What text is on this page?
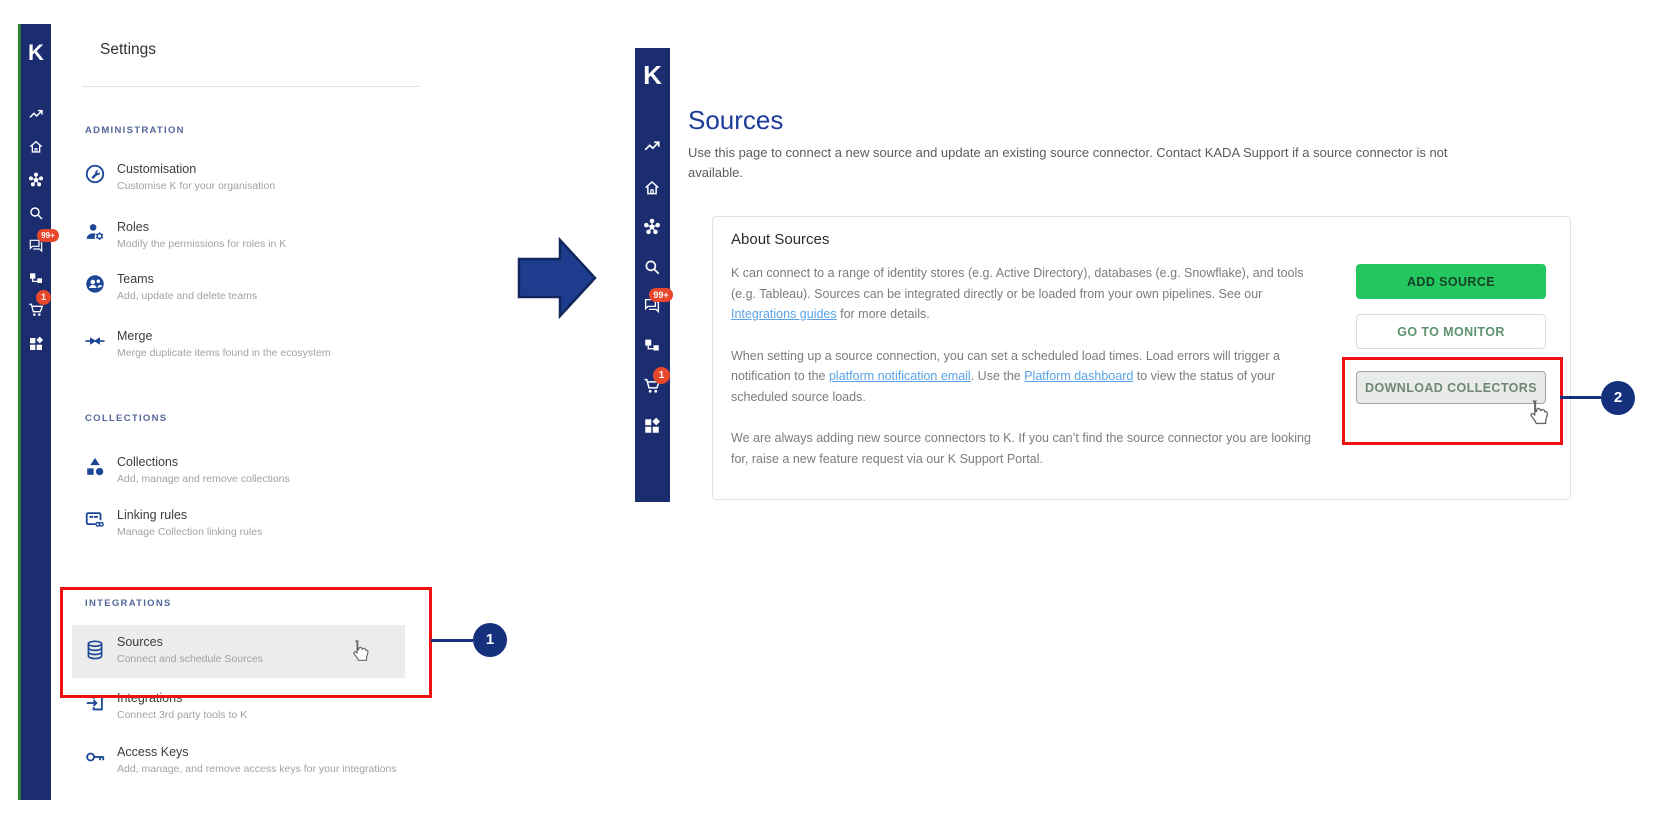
K
99+
1
Settings
ADMINISTRATION
Customisation
Customise K for your organisation
Roles
Modify the permissions for roles in K
Teams
Add, update and delete teams
Merge
Merge duplicate items found in the ecosystem
COLLECTIONS
Collections
Add, manage and remove collections
Linking rules
Manage Collection linking rules
INTEGRATIONS
Sources
Connect and schedule Sources
Integrations
Connect 3rd party tools to K
Access Keys
Add, manage, and remove access keys for your integrations
1
K
99+
1
Sources
Use this page to connect a new source and update an existing source connector. Contact KADA Support if a source connector is not available.
About Sources

K can connect to a range of identity stores (e.g. Active Directory), databases (e.g. Snowflake), and tools (e.g. Tableau). Sources can be integrated directly or be loaded from your own pipelines. See our Integrations guides for more details.

When setting up a source connection, you can set a scheduled load times. Load errors will trigger a notification to the platform notification email. Use the Platform dashboard to view the status of your scheduled source loads.

We are always adding new source connectors to K. If you can’t find the source connector you are looking for, raise a new feature request via our K Support Portal.

ADD SOURCE
GO TO MONITOR
DOWNLOAD COLLECTORS
2
